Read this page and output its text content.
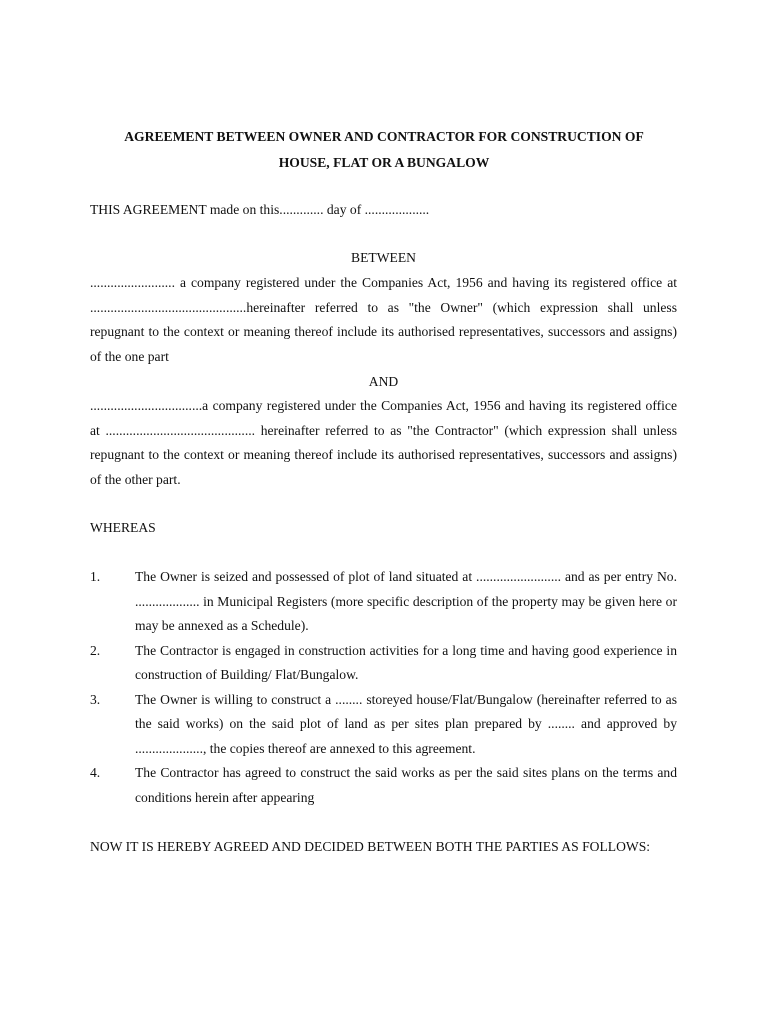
AGREEMENT BETWEEN OWNER AND CONTRACTOR FOR CONSTRUCTION OF
HOUSE, FLAT OR A BUNGALOW
THIS AGREEMENT made on this............. day of ...................
BETWEEN
......................... a company registered under the Companies Act, 1956 and having its registered office at ..............................................hereinafter referred to as "the Owner" (which expression shall unless repugnant to the context or meaning thereof include its authorised representatives, successors and assigns) of the one part
AND
.................................a company registered under the Companies Act, 1956 and having its registered office at ............................................ hereinafter referred to as "the Contractor" (which expression shall unless repugnant to the context or meaning thereof include its authorised representatives, successors and assigns) of the other part.
WHEREAS
1.	The Owner is seized and possessed of plot of land situated at ......................... and as per entry No. ................... in Municipal Registers (more specific description of the property may be given here or may be annexed as a Schedule).
2.	The Contractor is engaged in construction activities for a long time and having good experience in construction of Building/ Flat/Bungalow.
3.	The Owner is willing to construct a ........ storeyed house/Flat/Bungalow (hereinafter referred to as the said works) on the said plot of land as per sites plan prepared by ........ and approved by ...................., the copies thereof are annexed to this agreement.
4.	The Contractor has agreed to construct the said works as per the said sites plans on the terms and conditions herein after appearing
NOW IT IS HEREBY AGREED AND DECIDED BETWEEN BOTH THE PARTIES AS FOLLOWS:
